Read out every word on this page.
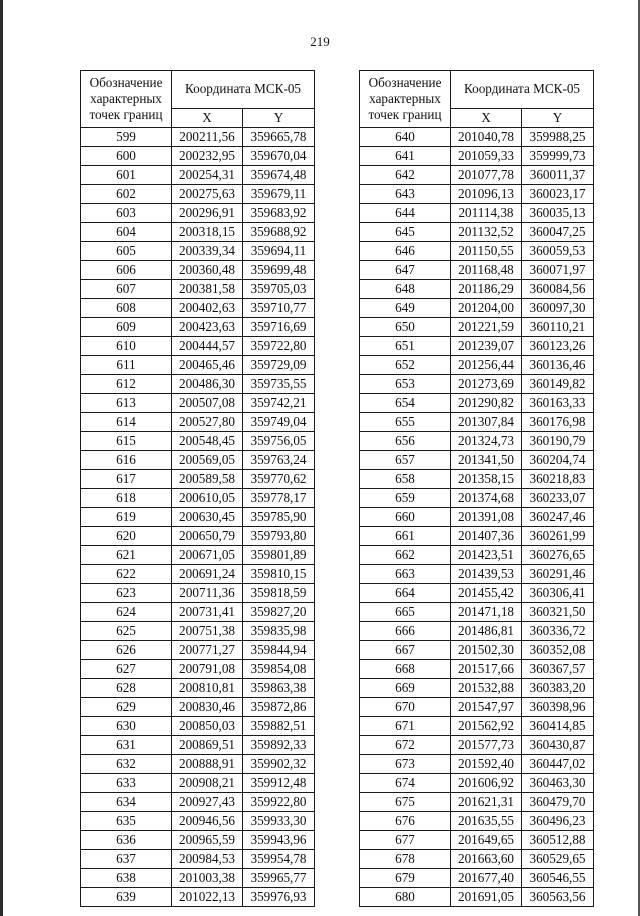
219
Обозначение характерных точек границ	Координата МСК-05	
	X	Y
599	200211,56	359665,78
600	200232,95	359670,04
601	200254,31	359674,48
602	200275,63	359679,11
603	200296,91	359683,92
604	200318,15	359688,92
605	200339,34	359694,11
606	200360,48	359699,48
607	200381,58	359705,03
608	200402,63	359710,77
609	200423,63	359716,69
610	200444,57	359722,80
611	200465,46	359729,09
612	200486,30	359735,55
613	200507,08	359742,21
614	200527,80	359749,04
615	200548,45	359756,05
616	200569,05	359763,24
617	200589,58	359770,62
618	200610,05	359778,17
619	200630,45	359785,90
620	200650,79	359793,80
621	200671,05	359801,89
622	200691,24	359810,15
623	200711,36	359818,59
624	200731,41	359827,20
625	200751,38	359835,98
626	200771,27	359844,94
627	200791,08	359854,08
628	200810,81	359863,38
629	200830,46	359872,86
630	200850,03	359882,51
631	200869,51	359892,33
632	200888,91	359902,32
633	200908,21	359912,48
634	200927,43	359922,80
635	200946,56	359933,30
636	200965,59	359943,96
637	200984,53	359954,78
638	201003,38	359965,77
639	201022,13	359976,93
Обозначение характерных точек границ	Координата МСК-05	
	X	Y
640	201040,78	359988,25
641	201059,33	359999,73
642	201077,78	360011,37
643	201096,13	360023,17
644	201114,38	360035,13
645	201132,52	360047,25
646	201150,55	360059,53
647	201168,48	360071,97
648	201186,29	360084,56
649	201204,00	360097,30
650	201221,59	360110,21
651	201239,07	360123,26
652	201256,44	360136,46
653	201273,69	360149,82
654	201290,82	360163,33
655	201307,84	360176,98
656	201324,73	360190,79
657	201341,50	360204,74
658	201358,15	360218,83
659	201374,68	360233,07
660	201391,08	360247,46
661	201407,36	360261,99
662	201423,51	360276,65
663	201439,53	360291,46
664	201455,42	360306,41
665	201471,18	360321,50
666	201486,81	360336,72
667	201502,30	360352,08
668	201517,66	360367,57
669	201532,88	360383,20
670	201547,97	360398,96
671	201562,92	360414,85
672	201577,73	360430,87
673	201592,40	360447,02
674	201606,92	360463,30
675	201621,31	360479,70
676	201635,55	360496,23
677	201649,65	360512,88
678	201663,60	360529,65
679	201677,40	360546,55
680	201691,05	360563,56
